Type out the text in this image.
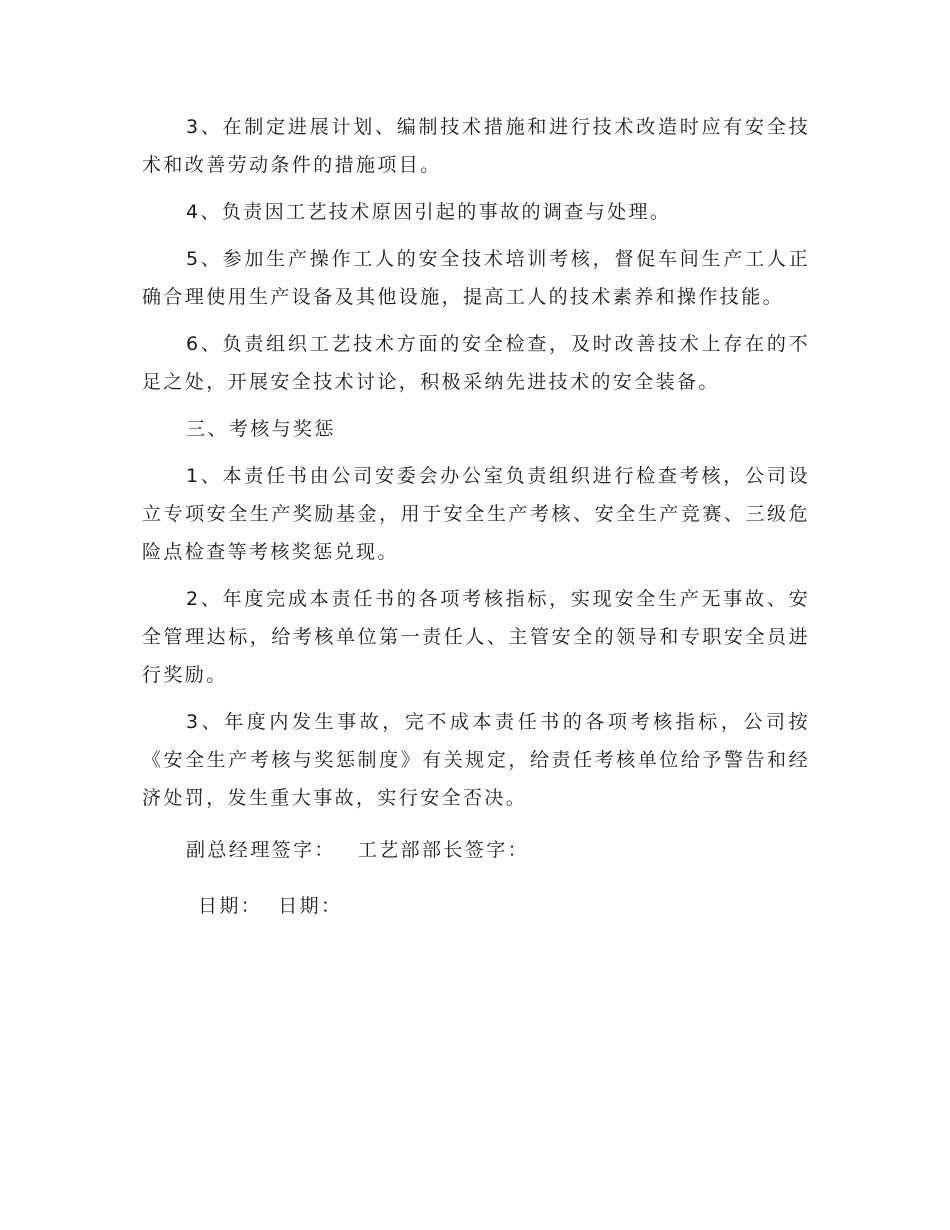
3、在制定进展计划、编制技术措施和进行技术改造时应有安全技术和改善劳动条件的措施项目。

4、负责因工艺技术原因引起的事故的调查与处理。

5、参加生产操作工人的安全技术培训考核，督促车间生产工人正确合理使用生产设备及其他设施，提高工人的技术素养和操作技能。

6、负责组织工艺技术方面的安全检查，及时改善技术上存在的不足之处，开展安全技术讨论，积极采纳先进技术的安全装备。

三、考核与奖惩

1、本责任书由公司安委会办公室负责组织进行检查考核，公司设立专项安全生产奖励基金，用于安全生产考核、安全生产竞赛、三级危险点检查等考核奖惩兑现。

2、年度完成本责任书的各项考核指标，实现安全生产无事故、安全管理达标，给考核单位第一责任人、主管安全的领导和专职安全员进行奖励。

3、年度内发生事故，完不成本责任书的各项考核指标，公司按《安全生产考核与奖惩制度》有关规定，给责任考核单位给予警告和经济处罚，发生重大事故，实行安全否决。

副总经理签字： 工艺部部长签字：
日期： 日期：
